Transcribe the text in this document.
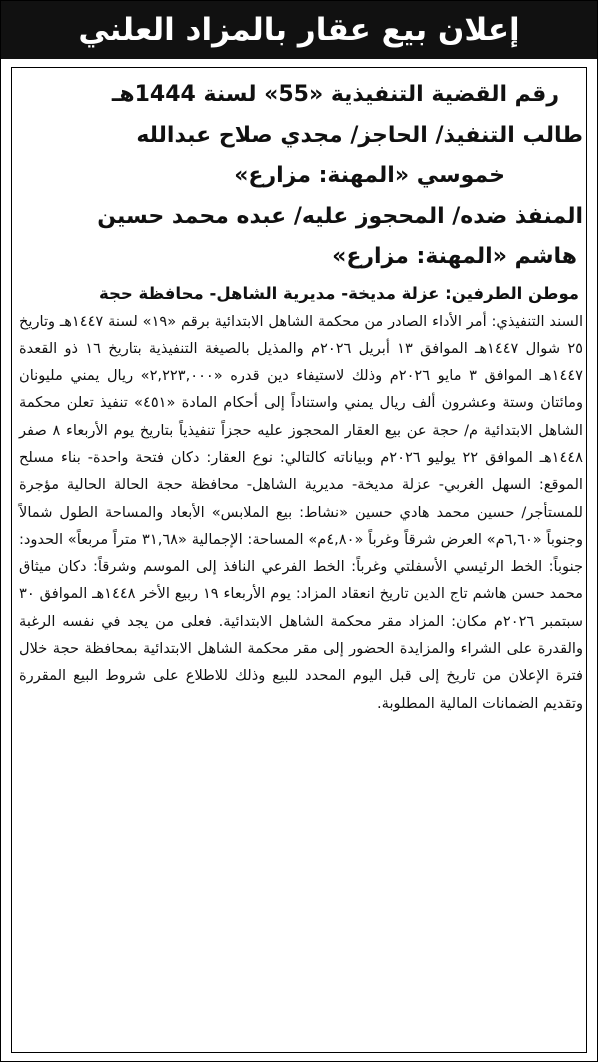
إعلان بيع عقار بالمزاد العلني
رقم القضية التنفيذية «55» لسنة 1444هـ
طالب التنفيذ/ الحاجز/ مجدي صلاح عبدالله
خموسي «المهنة: مزارع»
المنفذ ضده/ المحجوز عليه/ عبده محمد حسين
هاشم «المهنة: مزارع»
موطن الطرفين: عزلة مديخة- مديرية الشاهل- محافظة حجة
السند التنفيذي: أمر الأداء الصادر من محكمة الشاهل الابتدائية برقم «١٩» لسنة ١٤٤٧هـ وتاريخ ٢٥ شوال ١٤٤٧هـ الموافق ١٣ أبريل ٢٠٢٦م والمذيل بالصيغة التنفيذية بتاريخ ١٦ ذو القعدة ١٤٤٧هـ الموافق ٣ مايو ٢٠٢٦م وذلك لاستيفاء دين قدره «٢,٢٢٣,٠٠٠» ريال يمني مليونان ومائتان وستة وعشرون ألف ريال يمني واستناداً إلى أحكام المادة «٤٥١» تنفيذ تعلن محكمة الشاهل الابتدائية م/ حجة عن بيع العقار المحجوز عليه حجزاً تنفيذياً بتاريخ يوم الأربعاء ٨ صفر ١٤٤٨هـ الموافق ٢٢ يوليو ٢٠٢٦م وبياناته كالتالي: نوع العقار: دكان فتحة واحدة- بناء مسلح الموقع: السهل الغربي- عزلة مديخة- مديرية الشاهل- محافظة حجة الحالة الحالية مؤجرة للمستأجر/ حسين محمد هادي حسين «نشاط: بيع الملابس» الأبعاد والمساحة الطول شمالاً وجنوباً «٦,٦٠م» العرض شرقاً وغرباً «٤,٨٠م» المساحة: الإجمالية «٣١,٦٨ متراً مربعاً» الحدود: جنوباً: الخط الرئيسي الأسفلتي وغرباً: الخط الفرعي النافذ إلى الموسم وشرقاً: دكان ميثاق محمد حسن هاشم تاج الدين تاريخ انعقاد المزاد: يوم الأربعاء ١٩ ربيع الأخر ١٤٤٨هـ الموافق ٣٠ سبتمبر ٢٠٢٦م مكان: المزاد مقر محكمة الشاهل الابتدائية. فعلى من يجد في نفسه الرغبة والقدرة على الشراء والمزايدة الحضور إلى مقر محكمة الشاهل الابتدائية بمحافظة حجة خلال فترة الإعلان من تاريخ إلى قبل اليوم المحدد للبيع وذلك للاطلاع على شروط البيع المقررة وتقديم الضمانات المالية المطلوبة.
